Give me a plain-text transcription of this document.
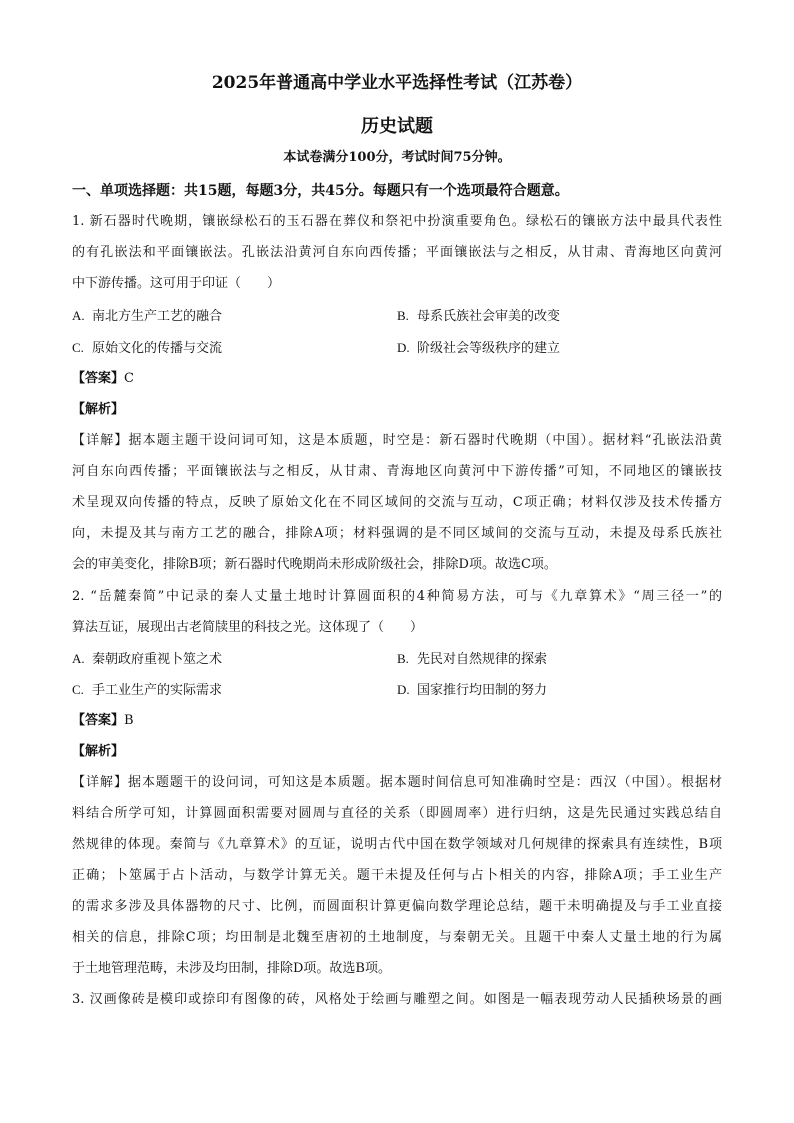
2025年普通高中学业水平选择性考试（江苏卷）
历史试题
本试卷满分100分，考试时间75分钟。
一、单项选择题：共15题，每题3分，共45分。每题只有一个选项最符合题意。
1. 新石器时代晚期，镶嵌绿松石的玉石器在葬仪和祭祀中扮演重要角色。绿松石的镶嵌方法中最具代表性
的有孔嵌法和平面镶嵌法。孔嵌法沿黄河自东向西传播；平面镶嵌法与之相反，从甘肃、青海地区向黄河
中下游传播。这可用于印证（　　）
A. 南北方生产工艺的融合	B. 母系氏族社会审美的改变
C. 原始文化的传播与交流	D. 阶级社会等级秩序的建立
【答案】C
【解析】
【详解】据本题主题干设问词可知，这是本质题，时空是：新石器时代晚期（中国）。据材料“孔嵌法沿黄
河自东向西传播；平面镶嵌法与之相反，从甘肃、青海地区向黄河中下游传播”可知，不同地区的镶嵌技
术呈现双向传播的特点，反映了原始文化在不同区域间的交流与互动，C项正确；材料仅涉及技术传播方
向，未提及其与南方工艺的融合，排除A项；材料强调的是不同区域间的交流与互动，未提及母系氏族社
会的审美变化，排除B项；新石器时代晚期尚未形成阶级社会，排除D项。故选C项。
2. “岳麓秦简”中记录的秦人丈量土地时计算圆面积的4种简易方法，可与《九章算术》“周三径一”的
算法互证，展现出古老简牍里的科技之光。这体现了（　　）
A. 秦朝政府重视卜筮之术	B. 先民对自然规律的探索
C. 手工业生产的实际需求	D. 国家推行均田制的努力
【答案】B
【解析】
【详解】据本题题干的设问词，可知这是本质题。据本题时间信息可知准确时空是：西汉（中国）。根据材
料结合所学可知，计算圆面积需要对圆周与直径的关系（即圆周率）进行归纳，这是先民通过实践总结自
然规律的体现。秦简与《九章算术》的互证，说明古代中国在数学领域对几何规律的探索具有连续性，B项
正确；卜筮属于占卜活动，与数学计算无关。题干未提及任何与占卜相关的内容，排除A项；手工业生产
的需求多涉及具体器物的尺寸、比例，而圆面积计算更偏向数学理论总结，题干未明确提及与手工业直接
相关的信息，排除C项；均田制是北魏至唐初的土地制度，与秦朝无关。且题干中秦人丈量土地的行为属
于土地管理范畴，未涉及均田制，排除D项。故选B项。
3. 汉画像砖是模印或捺印有图像的砖，风格处于绘画与雕塑之间。如图是一幅表现劳动人民插秧场景的画
